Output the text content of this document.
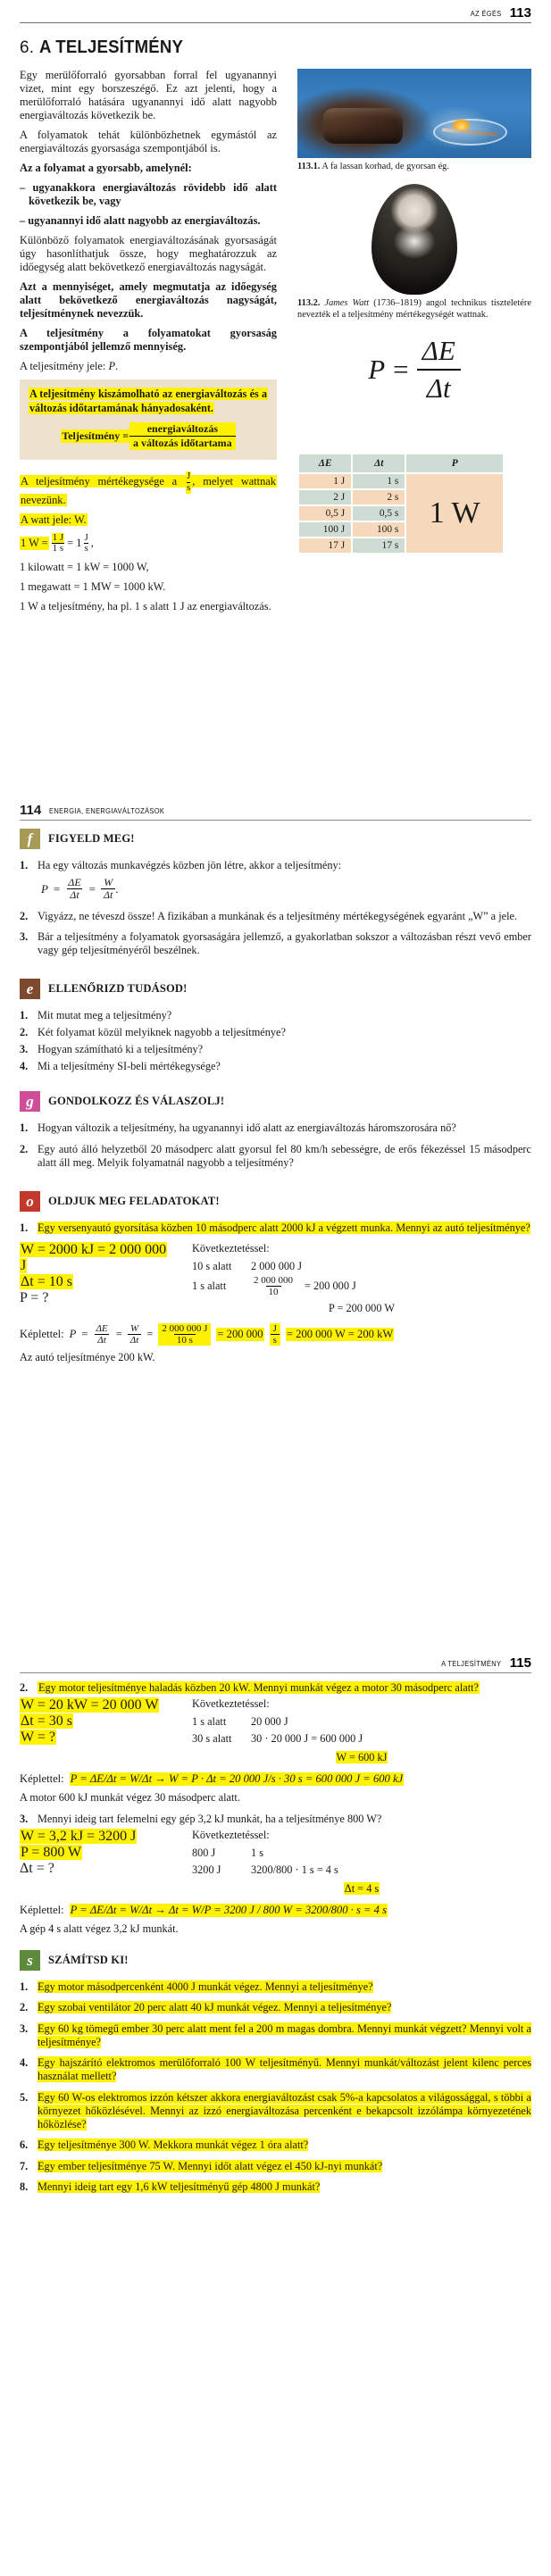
AZ ÉGÉS 113
6. A TELJESÍTMÉNY
113.1. A fa lassan korhad, de gyorsan ég.
113.2. James Watt (1736–1819) angol technikus tiszteletére nevezték el a teljesítmény mértékegységét wattnak.
$P = \frac{\Delta E}{\Delta t}$
ΔE	Δt	P
1 J	1 s	1 W
2 J	2 s	
0,5 J	0,5 s	
100 J	100 s	
17 J	17 s	

Egy merülőforraló gyorsabban forral fel ugyanannyi vizet, mint egy borszeszégő. Ez azt jelenti, hogy a merülőforraló hatására ugyanannyi idő alatt nagyobb energiaváltozás következik be.

A folyamatok tehát különbözhetnek egymástól az energiaváltozás gyorsasága szempontjából is.

Az a folyamat a gyorsabb, amelynél:

– ugyanakkora energiaváltozás rövidebb idő alatt következik be, vagy

– ugyanannyi idő alatt nagyobb az energiaváltozás.

Különböző folyamatok energiaváltozásának gyorsaságát úgy hasonlíthatjuk össze, hogy meghatározzuk az időegység alatt bekövetkező energiaváltozás nagyságát.

Azt a mennyiséget, amely megmutatja az időegység alatt bekövetkező energiaváltozás nagyságát, teljesítménynek nevezzük.

A teljesítmény a folyamatokat gyorsaság szempontjából jellemző mennyiség.

A teljesítmény jele: P.

A teljesítmény kiszámolható az energiaváltozás és a változás időtartamának hányadosaként.

Teljesítmény = $\frac{\text{energiaváltozás}}{\text{a változás időtartama}}$

A teljesítmény mértékegysége a $\frac{J}{s}$ , melyet wattnak nevezünk.

A watt jele: W.

1 $W = \frac{1 J}{1 s} = 1 \frac{J}{s}$ ,

1 kilowatt = 1 kW = 1000 W,

1 megawatt = 1 MW = 1000 kW.

1 W a teljesítmény, ha pl. 1 s alatt 1 J az energiaváltozás.

114 ENERGIA, ENERGIAVÁLTOZÁSOK
f	FIGYELD MEG!
Ha egy változás munkavégzés közben jön létre, akkor a teljesítmény:
$P = \frac{\Delta E}{\Delta t} = \frac{W}{\Delta t}$ .
Vigyázz, ne téveszd össze! A fizikában a munkának és a teljesítmény mértékegységének egyaránt „W” a jele.
Bár a teljesítmény a folyamatok gyorsaságára jellemző, a gyakorlatban sokszor a változásban részt vevő ember vagy gép teljesítményéről beszélnek.
e	ELLENŐRIZD TUDÁSOD!
Mit mutat meg a teljesítmény?
Két folyamat közül melyiknek nagyobb a teljesítménye?
Hogyan számítható ki a teljesítmény?
Mi a teljesítmény SI-beli mértékegysége?
g	GONDOLKOZZ ÉS VÁLASZOLJ!
Hogyan változik a teljesítmény, ha ugyanannyi idő alatt az energiaváltozás háromszorosára nő?
Egy autó álló helyzetből 20 másodperc alatt gyorsul fel 80 km/h sebességre, de erős fékezéssel 15 másodperc alatt áll meg. Melyik folyamatnál nagyobb a teljesítmény?
o	OLDJUK MEG FELADATOKAT!
Egy versenyautó gyorsítása közben 10 másodperc alatt 2000 kJ a végzett munka. Mennyi az autó teljesítménye?
W = 2000 kJ = 2 000 000 J
Δt = 10 s
P = ?
Következtetéssel:
10 s alatt	2 000 000 J
1 s alatt	$\frac{2 000 000}{10} = 200$ 000 J
P = 200 000 W
Képlettel: $P = \frac{\Delta E}{\Delta t} = \frac{W}{\Delta t} = \frac{2 000 000 J}{10 s} = 200$ $000 \frac{J}{s} = 200$ 000 W = 200 kW
Az autó teljesítménye 200 kW.
A TELJESÍTMÉNY 115
2. Egy motor teljesítménye haladás közben 20 kW. Mennyi munkát végez a motor 30 másodperc alatt?
W = 20 kW = 20 000 W
Δt = 30 s
W = ?
Következtetéssel:
1 s alatt	20 000 J
30 s alatt	30 · 20 000 J = 600 000 J
W = 600 kJ
Képlettel: P = ΔE/Δt = W/Δt → W = P · Δt = 20 000 J/s · 30 s = 600 000 J = 600 kJ
A motor 600 kJ munkát végez 30 másodperc alatt.
3. Mennyi ideig tart felemelni egy gép 3,2 kJ munkát, ha a teljesítménye 800 W?
W = 3,2 kJ = 3200 J
P = 800 W
Δt = ?
Következtetéssel:
800 J	1 s
3200 J	3200/800 · 1 s = 4 s
Δt = 4 s
Képlettel: P = ΔE/Δt = W/Δt → Δt = W/P = 3200 J / 800 W = 3200/800 · s = 4 s
A gép 4 s alatt végez 3,2 kJ munkát.
s	SZÁMÍTSD KI!
Egy motor másodpercenként 4000 J munkát végez. Mennyi a teljesítménye?
Egy szobai ventilátor 20 perc alatt 40 kJ munkát végez. Mennyi a teljesítménye?
Egy 60 kg tömegű ember 30 perc alatt ment fel a 200 m magas dombra. Mennyi munkát végzett? Mennyi volt a teljesítménye?
Egy hajszárító elektromos merülőforraló 100 W teljesítményű. Mennyi munkát/változást jelent kilenc perces használat mellett?
Egy 60 W-os elektromos izzón kétszer akkora energiaváltozást csak 5%-a kapcsolatos a világossággal, s többi a környezet hőközlésével. Mennyi az izzó energiaváltozása percenként e bekapcsolt izzólámpa környezetének hőközlése?
Egy teljesítménye 300 W. Mekkora munkát végez 1 óra alatt?
Egy ember teljesítménye 75 W. Mennyi időt alatt végez el 450 kJ-nyi munkát?
Mennyi ideig tart egy 1,6 kW teljesítményű gép 4800 J munkát?
